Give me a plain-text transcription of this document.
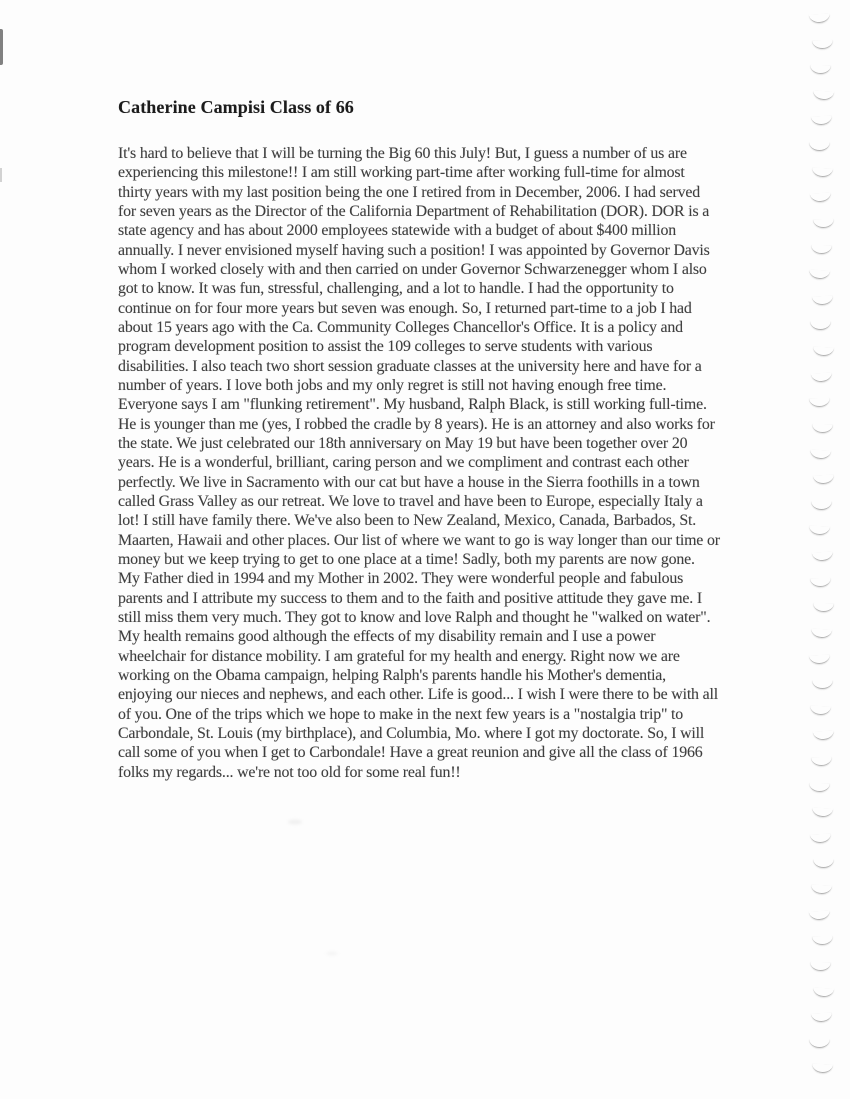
Catherine Campisi Class of 66
It's hard to believe that I will be turning the Big 60 this July! But, I guess a number of us are
experiencing this milestone!! I am still working part-time after working full-time for almost
thirty years with my last position being the one I retired from in December, 2006. I had served
for seven years as the Director of the California Department of Rehabilitation (DOR). DOR is a
state agency and has about 2000 employees statewide with a budget of about $400 million
annually. I never envisioned myself having such a position! I was appointed by Governor Davis
whom I worked closely with and then carried on under Governor Schwarzenegger whom I also
got to know. It was fun, stressful, challenging, and a lot to handle. I had the opportunity to
continue on for four more years but seven was enough. So, I returned part-time to a job I had
about 15 years ago with the Ca. Community Colleges Chancellor's Office. It is a policy and
program development position to assist the 109 colleges to serve students with various
disabilities. I also teach two short session graduate classes at the university here and have for a
number of years. I love both jobs and my only regret is still not having enough free time.
Everyone says I am "flunking retirement". My husband, Ralph Black, is still working full-time.
He is younger than me (yes, I robbed the cradle by 8 years). He is an attorney and also works for
the state. We just celebrated our 18th anniversary on May 19 but have been together over 20
years. He is a wonderful, brilliant, caring person and we compliment and contrast each other
perfectly. We live in Sacramento with our cat but have a house in the Sierra foothills in a town
called Grass Valley as our retreat. We love to travel and have been to Europe, especially Italy a
lot! I still have family there. We've also been to New Zealand, Mexico, Canada, Barbados, St.
Maarten, Hawaii and other places. Our list of where we want to go is way longer than our time or
money but we keep trying to get to one place at a time! Sadly, both my parents are now gone.
My Father died in 1994 and my Mother in 2002. They were wonderful people and fabulous
parents and I attribute my success to them and to the faith and positive attitude they gave me. I
still miss them very much. They got to know and love Ralph and thought he "walked on water".
My health remains good although the effects of my disability remain and I use a power
wheelchair for distance mobility. I am grateful for my health and energy. Right now we are
working on the Obama campaign, helping Ralph's parents handle his Mother's dementia,
enjoying our nieces and nephews, and each other. Life is good... I wish I were there to be with all
of you. One of the trips which we hope to make in the next few years is a "nostalgia trip" to
Carbondale, St. Louis (my birthplace), and Columbia, Mo. where I got my doctorate. So, I will
call some of you when I get to Carbondale! Have a great reunion and give all the class of 1966
folks my regards... we're not too old for some real fun!!
